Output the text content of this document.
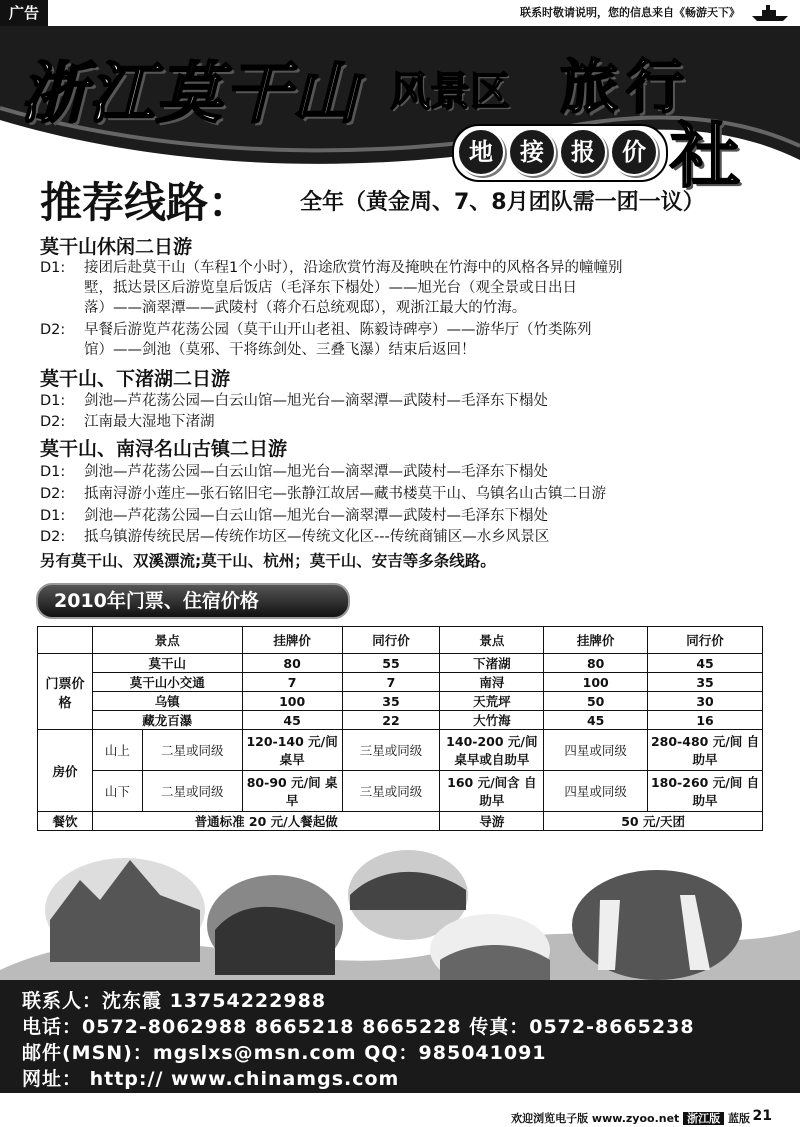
广告	联系时敬请说明，您的信息来自《畅游天下》
浙江莫干山 风景区 旅行
社
地	接	报	价
推荐线路： 全年（黄金周、7、8月团队需一团一议）
莫干山休闲二日游
D1: 接团后赴莫干山（车程1个小时），沿途欣赏竹海及掩映在竹海中的风格各异的幢幢别
墅，抵达景区后游览皇后饭店（毛泽东下榻处）——旭光台（观全景或日出日
落）——滴翠潭——武陵村（蒋介石总统观邸），观浙江最大的竹海。
D2: 早餐后游览芦花荡公园（莫干山开山老祖、陈毅诗碑亭）——游华厅（竹类陈列
馆）——剑池（莫邪、干将练剑处、三叠飞瀑）结束后返回！
莫干山、下渚湖二日游
D1: 剑池—芦花荡公园—白云山馆—旭光台—滴翠潭—武陵村—毛泽东下榻处
D2: 江南最大湿地下渚湖
莫干山、南浔名山古镇二日游
D1: 剑池—芦花荡公园—白云山馆—旭光台—滴翠潭—武陵村—毛泽东下榻处
D2: 抵南浔游小莲庄—张石铭旧宅—张静江故居—藏书楼莫干山、乌镇名山古镇二日游
D1: 剑池—芦花荡公园—白云山馆—旭光台—滴翠潭—武陵村—毛泽东下榻处
D2: 抵乌镇游传统民居—传统作坊区—传统文化区---传统商铺区—水乡风景区
另有莫干山、双溪漂流;莫干山、杭州；莫干山、安吉等多条线路。
2010年门票、住宿价格
	景点		挂牌价	同行价	景点	挂牌价	同行价
门票价格	莫干山		80	55	下渚湖	80	45
	莫干山小交通		7	7	南浔	100	35
	乌镇		100	35	天荒坪	50	30
	藏龙百瀑		45	22	大竹海	45	16
房价	山上	二星或同级	120-140 元/间 桌早	三星或同级	140-200 元/间 桌早或自助早	四星或同级	280-480 元/间 自助早
	山下	二星或同级	80-90 元/间 桌早	三星或同级	160 元/间含 自助早	四星或同级	180-260 元/间 自助早
餐饮	普通标准 20 元/人餐起做				导游	50 元/天团	
联系人：沈东霞 13754222988
电话：0572-8062988 8665218 8665228 传真：0572-8665238
邮件(MSN)：mgslxs@msn.com QQ：985041091
网址： http:// www.chinamgs.com
欢迎浏览电子版 www.zyoo.net 浙江版 蓝版 21
